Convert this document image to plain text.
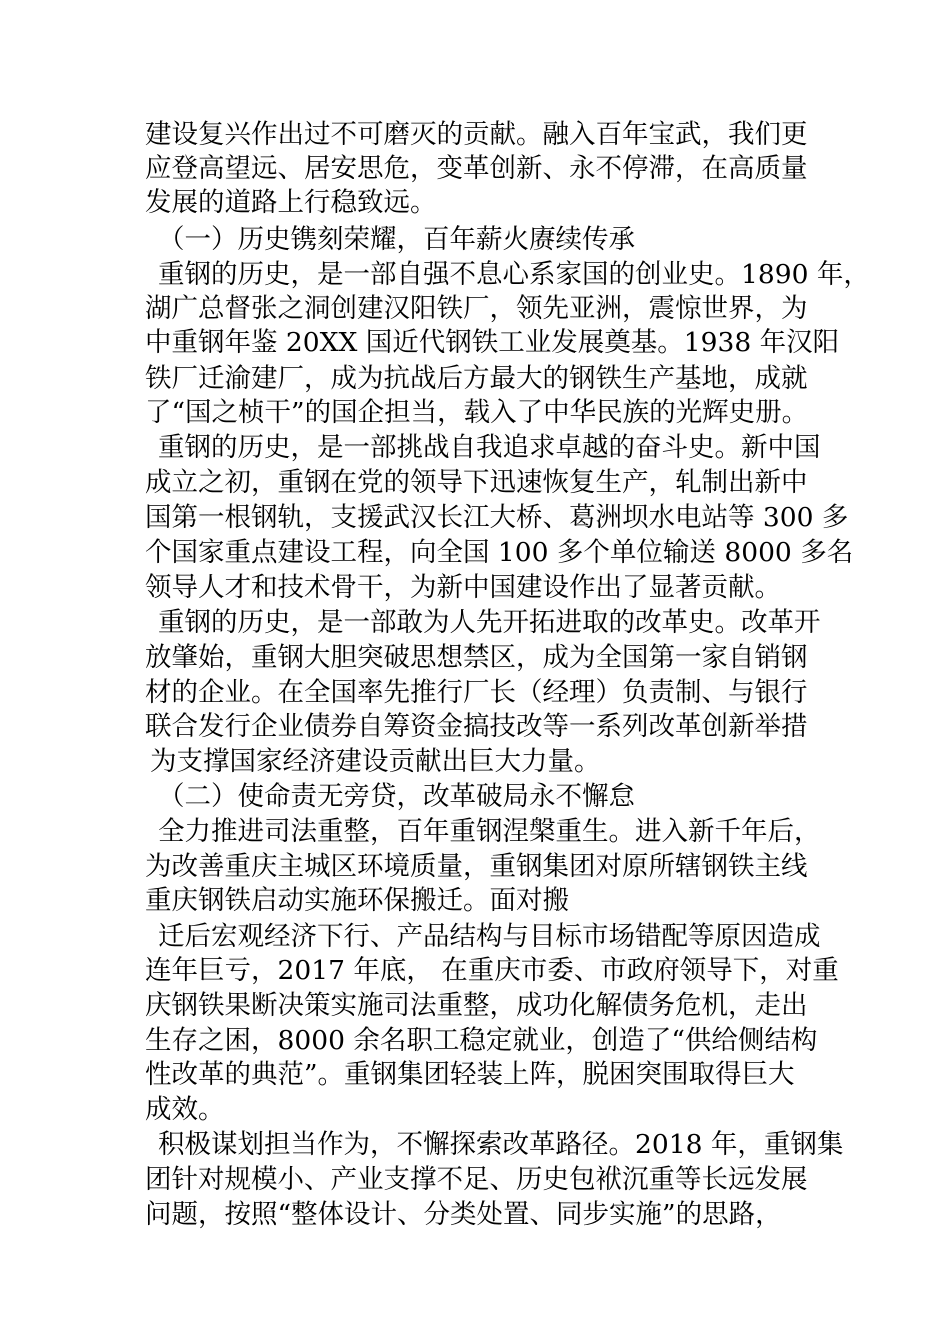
建设复兴作出过不可磨灭的贡献。融入百年宝武，我们更
应登高望远、居安思危，变革创新、永不停滞，在高质量
发展的道路上行稳致远。
（一）历史镌刻荣耀，百年薪火赓续传承
重钢的历史，是一部自强不息心系家国的创业史。1890 年，
湖广总督张之洞创建汉阳铁厂，领先亚洲，震惊世界，为
中重钢年鉴 20XX 国近代钢铁工业发展奠基。1938 年汉阳
铁厂迁渝建厂，成为抗战后方最大的钢铁生产基地，成就
了“国之桢干”的国企担当，载入了中华民族的光辉史册。
重钢的历史，是一部挑战自我追求卓越的奋斗史。新中国
成立之初，重钢在党的领导下迅速恢复生产，轧制出新中
国第一根钢轨，支援武汉长江大桥、葛洲坝水电站等 300 多
个国家重点建设工程，向全国 100 多个单位输送 8000 多名
领导人才和技术骨干，为新中国建设作出了显著贡献。
重钢的历史，是一部敢为人先开拓进取的改革史。改革开
放肇始，重钢大胆突破思想禁区，成为全国第一家自销钢
材的企业。在全国率先推行厂长（经理）负责制、与银行
联合发行企业债券自筹资金搞技改等一系列改革创新举措
为支撑国家经济建设贡献出巨大力量。
（二）使命责无旁贷，改革破局永不懈怠
全力推进司法重整，百年重钢涅槃重生。进入新千年后，
为改善重庆主城区环境质量，重钢集团对原所辖钢铁主线
重庆钢铁启动实施环保搬迁。面对搬
迁后宏观经济下行、产品结构与目标市场错配等原因造成
连年巨亏，2017 年底， 在重庆市委、市政府领导下，对重
庆钢铁果断决策实施司法重整，成功化解债务危机，走出
生存之困，8000 余名职工稳定就业，创造了“供给侧结构
性改革的典范”。重钢集团轻装上阵，脱困突围取得巨大
成效。
积极谋划担当作为，不懈探索改革路径。2018 年，重钢集
团针对规模小、产业支撑不足、历史包袱沉重等长远发展
问题，按照“整体设计、分类处置、同步实施”的思路，
